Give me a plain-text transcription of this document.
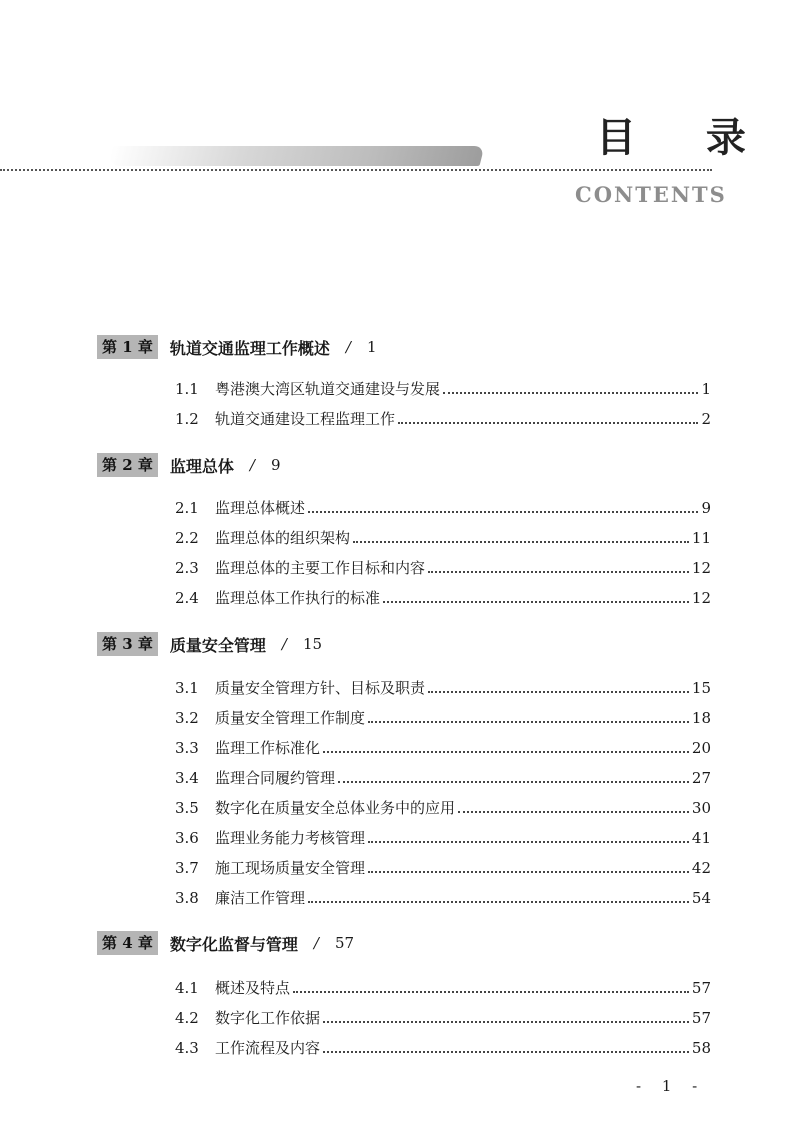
目 录
CONTENTS
第 1 章	轨道交通监理工作概述 / 1
1.1	粤港澳大湾区轨道交通建设与发展	1
1.2	轨道交通建设工程监理工作	2
第 2 章	监理总体 / 9
2.1	监理总体概述	9
2.2	监理总体的组织架构	11
2.3	监理总体的主要工作目标和内容	12
2.4	监理总体工作执行的标准	12
第 3 章	质量安全管理 / 15
3.1	质量安全管理方针、目标及职责	15
3.2	质量安全管理工作制度	18
3.3	监理工作标准化	20
3.4	监理合同履约管理	27
3.5	数字化在质量安全总体业务中的应用	30
3.6	监理业务能力考核管理	41
3.7	施工现场质量安全管理	42
3.8	廉洁工作管理	54
第 4 章	数字化监督与管理 / 57
4.1	概述及特点	57
4.2	数字化工作依据	57
4.3	工作流程及内容	58
- 1 -
